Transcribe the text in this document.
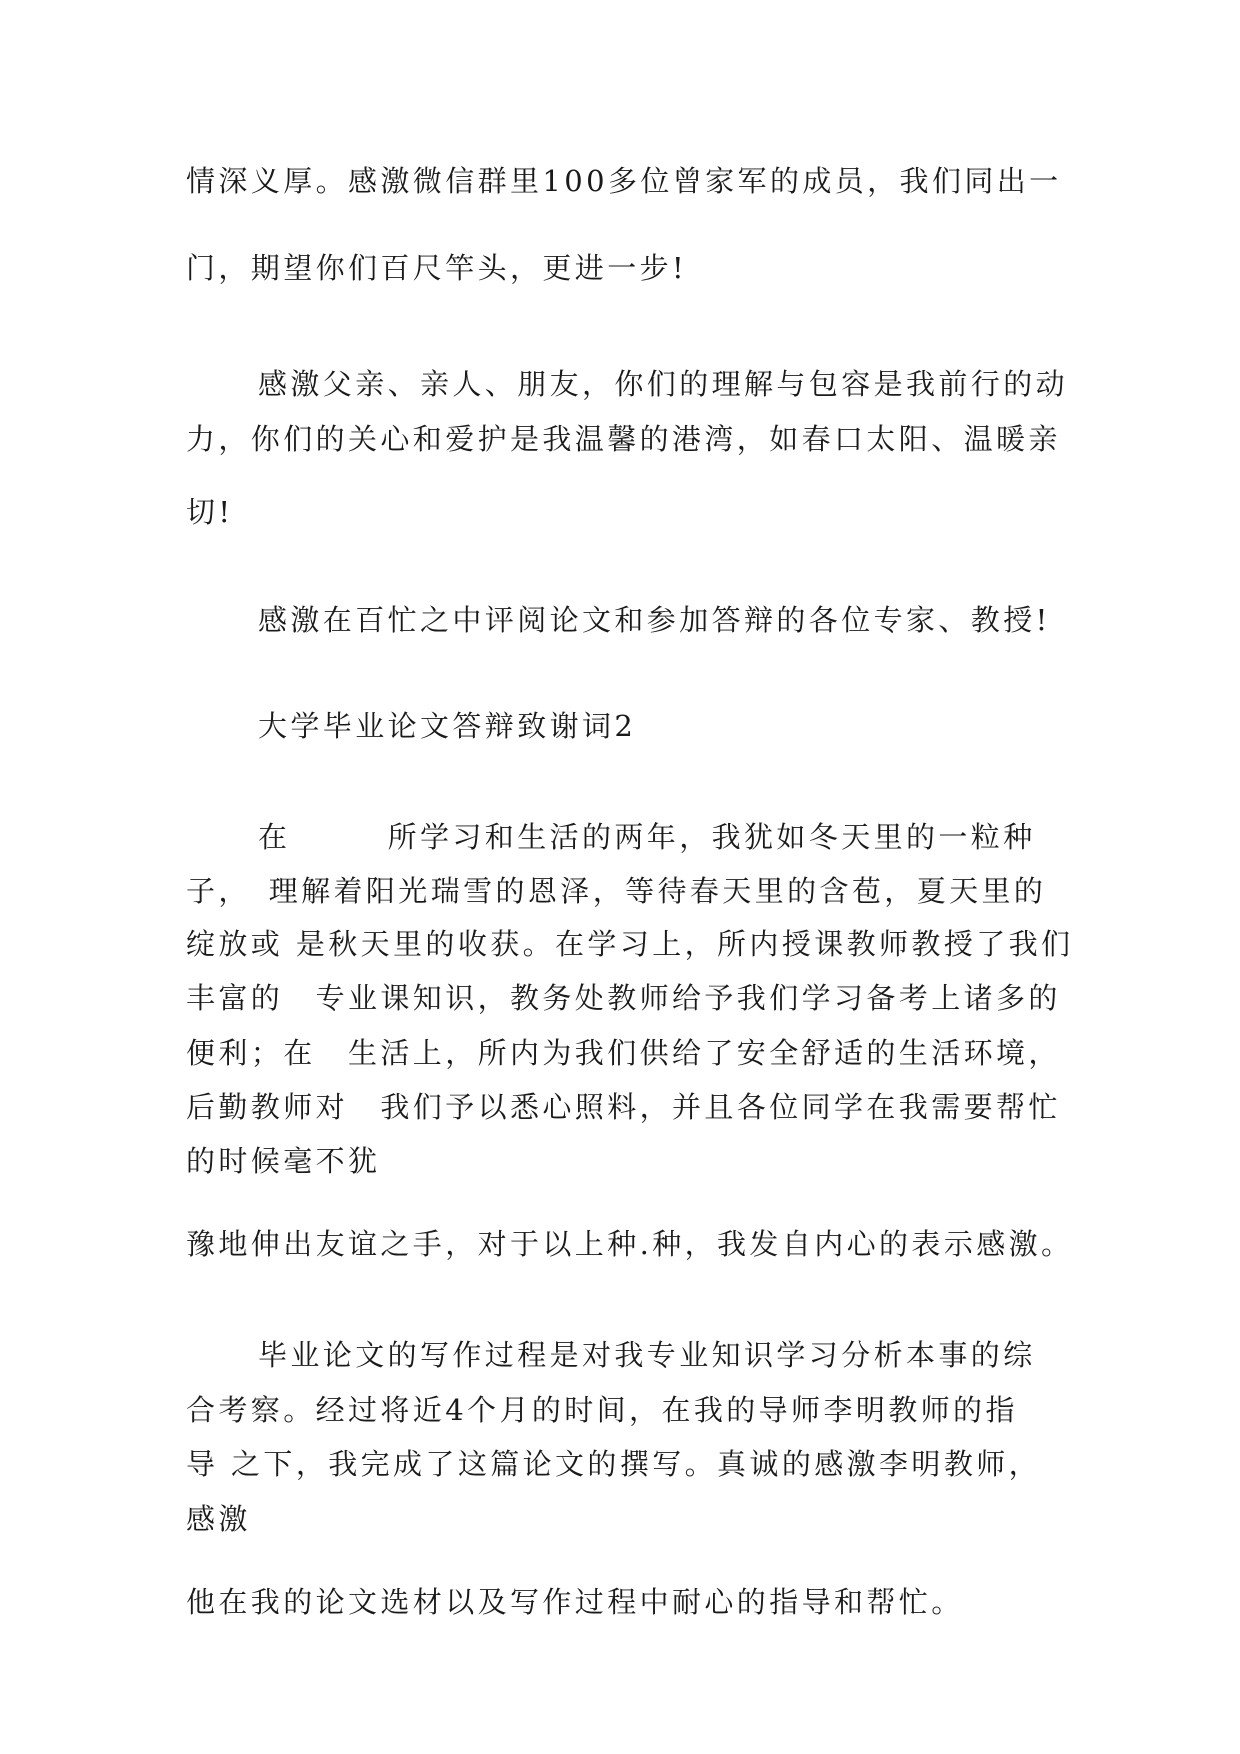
情深义厚。感激微信群里100多位曾家军的成员，我们同出一

门，期望你们百尺竿头，更进一步!

感激父亲、亲人、朋友，你们的理解与包容是我前行的动

力，你们的关心和爱护是我温馨的港湾，如春口太阳、温暖亲

切!

感激在百忙之中评阅论文和参加答辩的各位专家、教授!

大学毕业论文答辩致谢词2

在　　　所学习和生活的两年，我犹如冬天里的一粒种

子，　理解着阳光瑞雪的恩泽，等待春天里的含苞，夏天里的

绽放或 是秋天里的收获。在学习上，所内授课教师教授了我们

丰富的　专业课知识，教务处教师给予我们学习备考上诸多的

便利；在　生活上，所内为我们供给了安全舒适的生活环境，

后勤教师对　我们予以悉心照料，并且各位同学在我需要帮忙

的时候毫不犹

豫地伸出友谊之手，对于以上种.种，我发自内心的表示感激。

毕业论文的写作过程是对我专业知识学习分析本事的综

合考察。经过将近4个月的时间，在我的导师李明教师的指

导 之下，我完成了这篇论文的撰写。真诚的感激李明教师，

感激

他在我的论文选材以及写作过程中耐心的指导和帮忙。
